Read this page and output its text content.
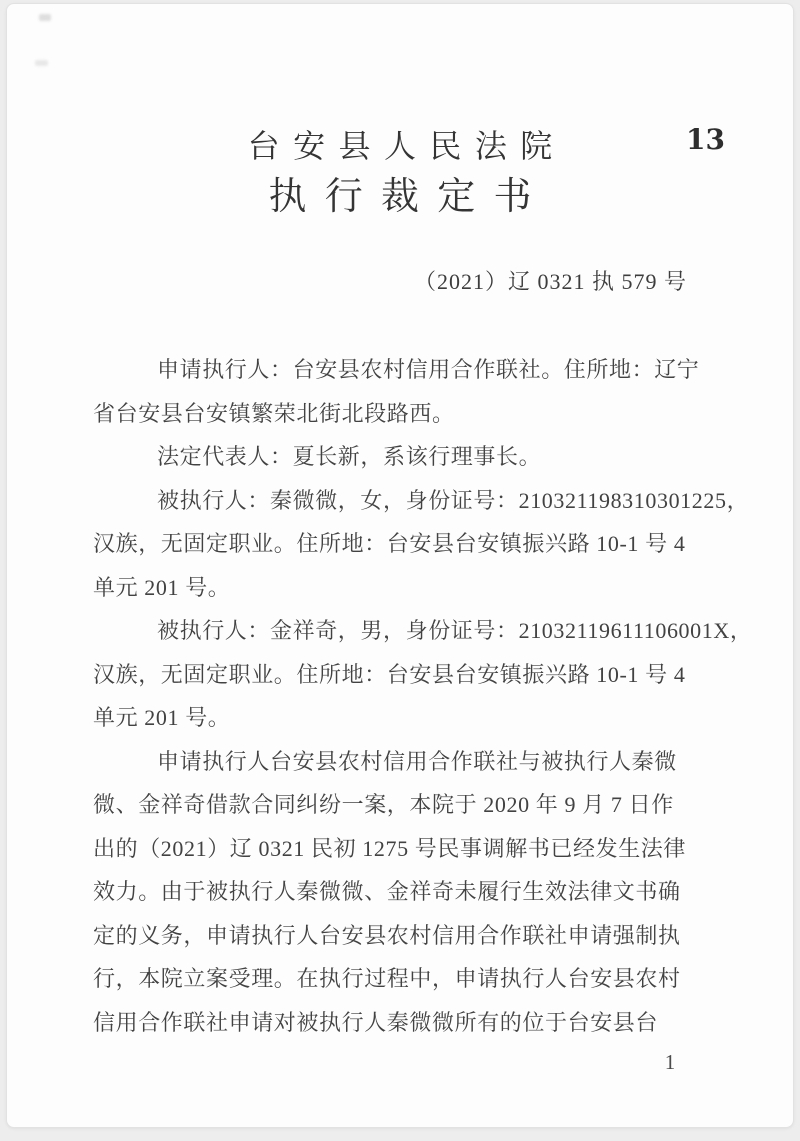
台安县人民法院	13
执行裁定书
（2021）辽 0321 执 579 号
申请执行人：台安县农村信用合作联社。住所地：辽宁
省台安县台安镇繁荣北街北段路西。
法定代表人：夏长新，系该行理事长。
被执行人：秦微微，女，身份证号：210321198310301225，
汉族，无固定职业。住所地：台安县台安镇振兴路 10-1 号 4
单元 201 号。
被执行人：金祥奇，男，身份证号：21032119611106001X，
汉族，无固定职业。住所地：台安县台安镇振兴路 10-1 号 4
单元 201 号。
申请执行人台安县农村信用合作联社与被执行人秦微
微、金祥奇借款合同纠纷一案，本院于 2020 年 9 月 7 日作
出的（2021）辽 0321 民初 1275 号民事调解书已经发生法律
效力。由于被执行人秦微微、金祥奇未履行生效法律文书确
定的义务，申请执行人台安县农村信用合作联社申请强制执
行，本院立案受理。在执行过程中，申请执行人台安县农村
信用合作联社申请对被执行人秦微微所有的位于台安县台
1
